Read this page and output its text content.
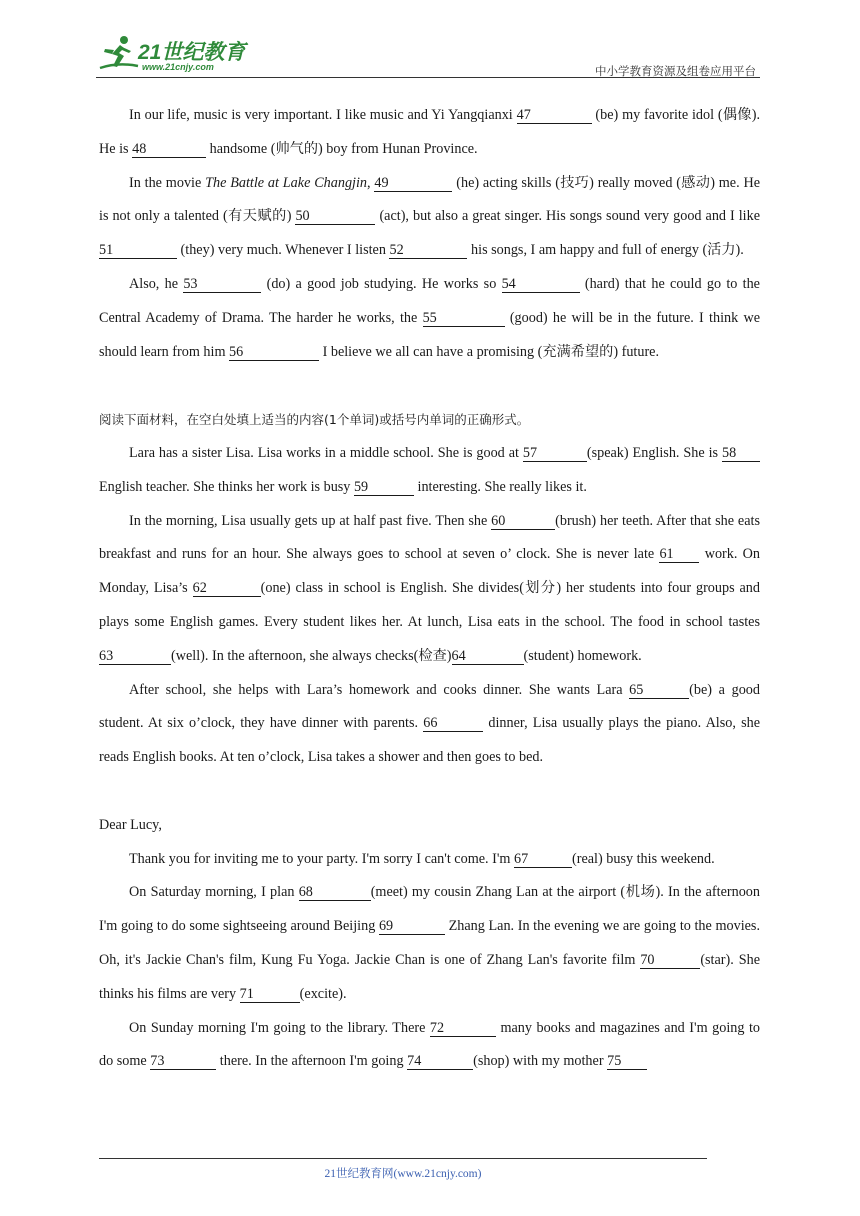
21世纪教育
www.21cnjy.com	中小学教育资源及组卷应用平台

In our life, music is very important. I like music and Yi Yangqianxi 47	(be) my favorite idol (偶像). He is 48	handsome (帅气的) boy from Hunan Province.

In the movie The Battle at Lake Changjin, 49	(he) acting skills (技巧) really moved (感动) me. He is not only a talented (有天赋的) 50	(act), but also a great singer. His songs sound very good and I like 51	(they) very much. Whenever I listen 52	his songs, I am happy and full of energy (活力).

Also, he 53	(do) a good job studying. He works so 54	(hard) that he could go to the Central Academy of Drama. The harder he works, the 55	(good) he will be in the future. I think we should learn from him 56	I believe we all can have a promising (充满希望的) future.

阅读下面材料，在空白处填上适当的内容(1个单词)或括号内单词的正确形式。

Lara has a sister Lisa. Lisa works in a middle school. She is good at 57	(speak) English. She is 58 English teacher. She thinks her work is busy 59	interesting. She really likes it.

In the morning, Lisa usually gets up at half past five. Then she 60	(brush) her teeth. After that she eats breakfast and runs for an hour. She always goes to school at seven o’ clock. She is never late 61 work. On Monday, Lisa’s 62	(one) class in school is English. She divides(划分) her students into four groups and plays some English games. Every student likes her. At lunch, Lisa eats in the school. The food in school tastes 63	(well). In the afternoon, she always checks(检查)64	(student) homework.

After school, she helps with Lara’s homework and cooks dinner. She wants Lara 65	(be) a good student. At six o’clock, they have dinner with parents. 66	dinner, Lisa usually plays the piano. Also, she reads English books. At ten o’clock, Lisa takes a shower and then goes to bed.

Dear Lucy,

Thank you for inviting me to your party. I'm sorry I can't come. I'm 67	(real) busy this weekend.

On Saturday morning, I plan 68	(meet) my cousin Zhang Lan at the airport (机场). In the afternoon I'm going to do some sightseeing around Beijing 69	Zhang Lan. In the evening we are going to the movies. Oh, it's Jackie Chan's film, Kung Fu Yoga. Jackie Chan is one of Zhang Lan's favorite film 70	(star). She thinks his films are very 71	(excite).

On Sunday morning I'm going to the library. There 72	many books and magazines and I'm going to do some 73	there. In the afternoon I'm going 74	(shop) with my mother 75

21世纪教育网(www.21cnjy.com)
